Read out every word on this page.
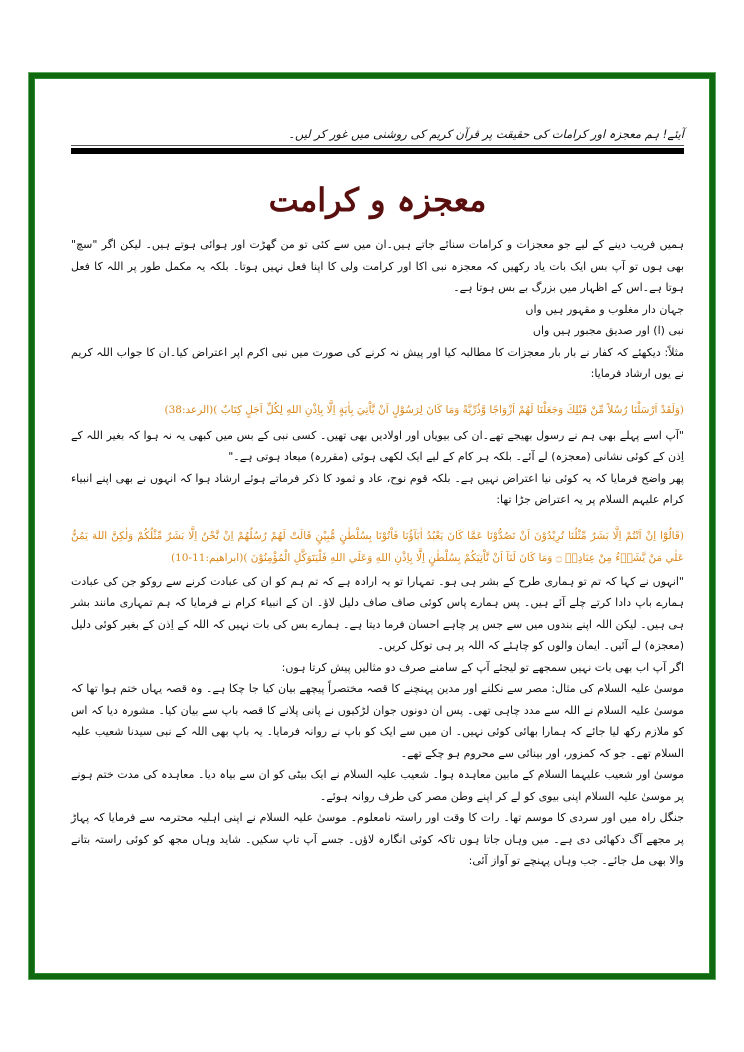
آیئے! ہم معجزہ اور کرامات کی حقیقت پر قرآن کریم کی روشنی میں غور کر لیں۔
معجزہ و کرامت

ہمیں فریب دینے کے لیے جو معجزات و کرامات سنائے جاتے ہیں۔ان میں سے کئی تو من گھڑت اور ہوائی ہوتے ہیں۔ لیکن اگر "سچ" بھی ہوں تو آپ بس ایک بات یاد رکھیں کہ معجزہ نبی اکا اور کرامت ولی کا اپنا فعل نہیں ہوتا۔ بلکہ یہ مکمل طور پر اللہ کا فعل ہوتا ہے۔اس کے اظہار میں بزرگ بے بس ہوتا ہے۔

جہان دار مغلوب و مقہور ہیں واں

نبی (ا) اور صدیق مجبور ہیں واں

مثلاً: دیکھئے کہ کفار نے بار بار معجزات کا مطالبہ کیا اور پیش نہ کرنے کی صورت میں نبی اکرم اپر اعتراض کیا۔ان کا جواب اللہ کریم نے یوں ارشاد فرمایا:

(وَلَقَدْ اَرْسَلْنَا رُسُلاً مِّنْ قَبْلِكَ وَجَعَلْنَا لَهُمْ اَزْوَاجًا وَّذُرِّيَّةً وَمَا كَانَ لِرَسُوْلٍ اَنْ يَّاْتِيَ بِاٰيَةٍ اِلَّا بِاِذْنِ اللهِ لِكُلِّ اَجَلٍ كِتَابٌ )(الرعد:38)

"آپ اسے پہلے بھی ہم نے رسول بھیجے تھے۔ان کی بیویاں اور اولادیں بھی تھیں۔ کسی نبی کے بس میں کبھی یہ نہ ہوا کہ بغیر اللہ کے اِذن کے کوئی نشانی (معجزہ) لے آئے۔ بلکہ ہر کام کے لیے ایک لکھی ہوئی (مقررہ) میعاد ہوتی ہے۔"

پھر واضح فرمایا کہ یہ کوئی نیا اعتراض نہیں ہے۔ بلکہ قوم نوح، عاد و ثمود کا ذکر فرماتے ہوئے ارشاد ہوا کہ انہوں نے بھی اپنے انبیاء کرام علیہم السلام پر یہ اعتراض جڑا تھا:

(قَالُوْٓا اِنْ اَنْتُمْ اِلَّا بَشَرٌ مِّثْلُنَا تُرِيْدُوْنَ اَنْ تَصُدُّوْنَا عَمَّا كَانَ يَعْبُدُ اٰبَآؤُنَا فَاْتُوْنَا بِسُلْطٰنٍ مُّبِيْنٍ قَالَتْ لَهُمْ رُسُلُهُمْ اِنْ نَّحْنُ اِلَّا بَشَرٌ مِّثْلُكُمْ وَلٰكِنَّ اللهَ يَمُنُّ عَلٰي مَنْ يَّشَاۗءُ مِنْ عِبَادِهٖ ۝ وَمَا كَانَ لَنَآ اَنْ نَّاْتِيَكُمْ بِسُلْطٰنٍ اِلَّا بِاِذْنِ اللهِ وَعَلَي اللهِ فَلْيَتَوَكَّلِ الْمُؤْمِنُوْنَ )(ابراهیم:11-10)

"انہوں نے کہا کہ تم تو ہماری طرح کے بشر ہی ہو۔ تمہارا تو یہ ارادہ ہے کہ تم ہم کو ان کی عبادت کرنے سے روکو جن کی عبادت ہمارے باپ دادا کرتے چلے آئے ہیں۔ پس ہمارے پاس کوئی صاف صاف دلیل لاؤ۔ ان کے انبیاء کرام نے فرمایا کہ ہم تمہاری مانند بشر ہی ہیں۔ لیکن اللہ اپنے بندوں میں سے جس پر چاہے احسان فرما دیتا ہے۔ ہمارے بس کی بات نہیں کہ اللہ کے اِذن کے بغیر کوئی دلیل (معجزہ) لے آئیں۔ ایمان والوں کو چاہئے کہ اللہ پر ہی توکل کریں۔

اگر آپ اب بھی بات نہیں سمجھے تو لیجئے آپ کے سامنے صرف دو مثالیں پیش کرتا ہوں:

موسیٰ علیہ السلام کی مثال: مصر سے نکلنے اور مدین پہنچنے کا قصہ مختصراً پیچھے بیان کیا جا چکا ہے۔ وہ قصہ یہاں ختم ہوا تھا کہ موسیٰ علیہ السلام نے اللہ سے مدد چاہی تھی۔ پس ان دونوں جوان لڑکیوں نے پانی پلانے کا قصہ باپ سے بیان کیا۔ مشورہ دیا کہ اس کو ملازم رکھ لیا جائے کہ ہمارا بھائی کوئی نہیں۔ ان میں سے ایک کو باپ نے روانہ فرمایا۔ یہ باپ بھی اللہ کے نبی سیدنا شعیب علیہ السلام تھے۔ جو کہ کمزور، اور بینائی سے محروم ہو چکے تھے۔

موسیٰ اور شعیب علیہما السلام کے مابین معاہدہ ہوا۔ شعیب علیہ السلام نے ایک بیٹی کو ان سے بیاہ دیا۔ معاہدہ کی مدت ختم ہونے پر موسیٰ علیہ السلام اپنی بیوی کو لے کر اپنے وطن مصر کی طرف روانہ ہوئے۔

جنگل راہ میں اور سردی کا موسم تھا۔ رات کا وقت اور راستہ نامعلوم۔ موسیٰ علیہ السلام نے اپنی اہلیہ محترمہ سے فرمایا کہ پہاڑ پر مجھے آگ دکھائی دی ہے۔ میں وہاں جاتا ہوں تاکہ کوئی انگارہ لاؤں۔ جسے آپ تاپ سکیں۔ شاید وہاں مجھ کو کوئی راستہ بتانے والا بھی مل جائے۔ جب وہاں پہنچے تو آواز آئی:
